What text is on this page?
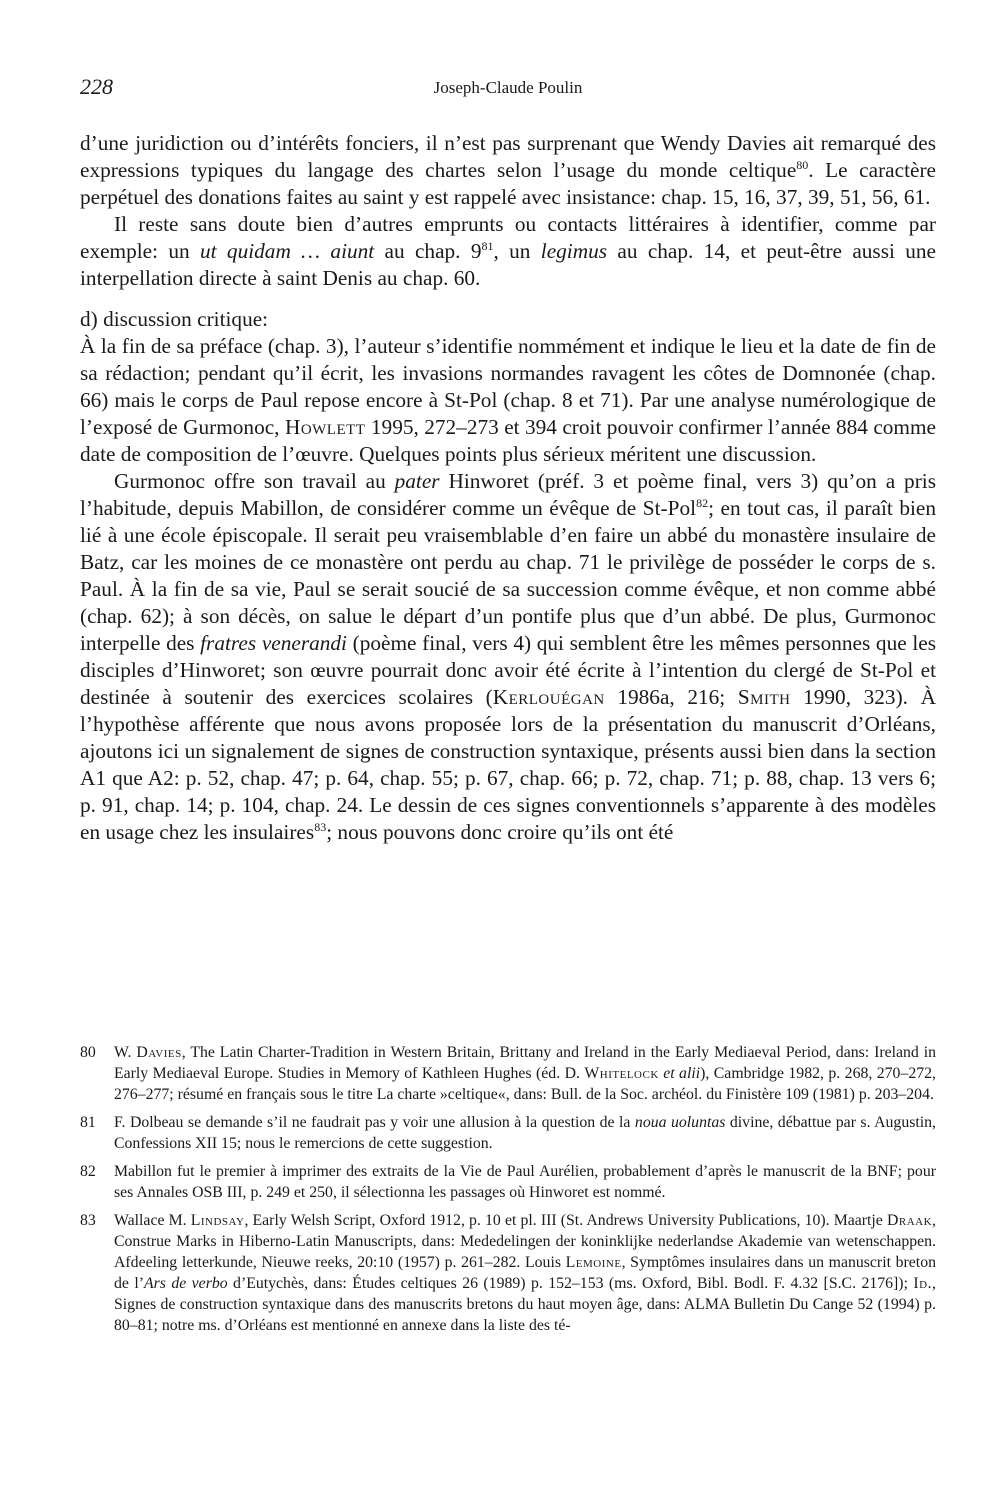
228	Joseph-Claude Poulin

d’une juridiction ou d’intérêts fonciers, il n’est pas surprenant que Wendy Davies ait remarqué des expressions typiques du langage des chartes selon l’usage du monde celtique$^{80}$. Le caractère perpétuel des donations faites au saint y est rappelé avec insistance: chap. 15, 16, 37, 39, 51, 56, 61.

Il reste sans doute bien d’autres emprunts ou contacts littéraires à identifier, comme par exemple: un ut quidam … aiunt au chap. $9^{81}$, un legimus au chap. 14, et peut-être aussi une interpellation directe à saint Denis au chap. 60.

d) discussion critique:

À la fin de sa préface (chap. 3), l’auteur s’identifie nommément et indique le lieu et la date de fin de sa rédaction; pendant qu’il écrit, les invasions normandes ravagent les côtes de Domnonée (chap. 66) mais le corps de Paul repose encore à St-Pol (chap. 8 et 71). Par une analyse numérologique de l’exposé de Gurmonoc, Howlett 1995, 272–273 et 394 croit pouvoir confirmer l’année 884 comme date de composition de l’œuvre. Quelques points plus sérieux méritent une discussion.

Gurmonoc offre son travail au pater Hinworet (préf. 3 et poème final, vers 3) qu’on a pris l’habitude, depuis Mabillon, de considérer comme un évêque de St-Pol$^{82}$; en tout cas, il paraît bien lié à une école épiscopale. Il serait peu vraisemblable d’en faire un abbé du monastère insulaire de Batz, car les moines de ce monastère ont perdu au chap. 71 le privilège de posséder le corps de s. Paul. À la fin de sa vie, Paul se serait soucié de sa succession comme évêque, et non comme abbé (chap. 62); à son décès, on salue le départ d’un pontife plus que d’un abbé. De plus, Gurmonoc interpelle des fratres venerandi (poème final, vers 4) qui semblent être les mêmes personnes que les disciples d’Hinworet; son œuvre pourrait donc avoir été écrite à l’intention du clergé de St-Pol et destinée à soutenir des exercices scolaires (Kerlouégan 1986a, 216; Smith 1990, 323). À l’hypothèse afférente que nous avons proposée lors de la présentation du manuscrit d’Orléans, ajoutons ici un signalement de signes de construction syntaxique, présents aussi bien dans la section A1 que A2: p. 52, chap. 47; p. 64, chap. 55; p. 67, chap. 66; p. 72, chap. 71; p. 88, chap. 13 vers 6; p. 91, chap. 14; p. 104, chap. 24. Le dessin de ces signes conventionnels s’apparente à des modèles en usage chez les insulaires$^{83}$; nous pouvons donc croire qu’ils ont été

80	W. Davies, The Latin Charter-Tradition in Western Britain, Brittany and Ireland in the Early Mediaeval Period, dans: Ireland in Early Mediaeval Europe. Studies in Memory of Kathleen Hughes (éd. D. Whitelock et alii), Cambridge 1982, p. 268, 270–272, 276–277; résumé en français sous le titre La charte »celtique«, dans: Bull. de la Soc. archéol. du Finistère 109 (1981) p. 203–204.
81	F. Dolbeau se demande s’il ne faudrait pas y voir une allusion à la question de la noua uoluntas divine, débattue par s. Augustin, Confessions XII 15; nous le remercions de cette suggestion.
82	Mabillon fut le premier à imprimer des extraits de la Vie de Paul Aurélien, probablement d’après le manuscrit de la BNF; pour ses Annales OSB III, p. 249 et 250, il sélectionna les passages où Hinworet est nommé.
83	Wallace M. Lindsay, Early Welsh Script, Oxford 1912, p. 10 et pl. III (St. Andrews University Publications, 10). Maartje Draak, Construe Marks in Hiberno-Latin Manuscripts, dans: Mededelingen der koninklijke nederlandse Akademie van wetenschappen. Afdeeling letterkunde, Nieuwe reeks, 20:10 (1957) p. 261–282. Louis Lemoine, Symptômes insulaires dans un manuscrit breton de l’Ars de verbo d’Eutychès, dans: Études celtiques 26 (1989) p. 152–153 (ms. Oxford, Bibl. Bodl. F. 4.32 [S.C. 2176]); Id., Signes de construction syntaxique dans des manuscrits bretons du haut moyen âge, dans: ALMA Bulletin Du Cange 52 (1994) p. 80–81; notre ms. d’Orléans est mentionné en annexe dans la liste des té-
